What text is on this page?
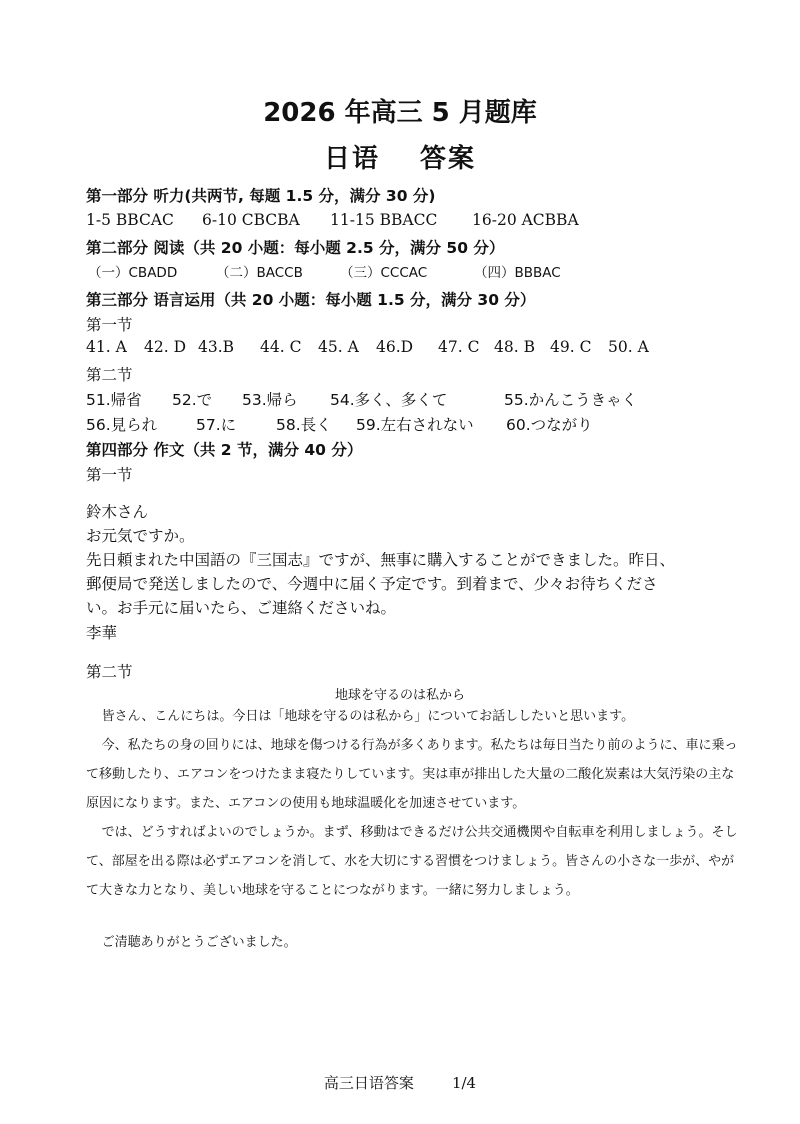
2026 年高三 5 月题库
日语 答案
第一部分 听力(共两节, 每题 1.5 分，满分 30 分)
1-5 BBCAC 6-10 CBCBA 11-15 BBACC 16-20 ACBBA
第二部分 阅读（共 20 小题：每小题 2.5 分，满分 50 分）
（一）CBADD	（二）BACCB	（三）CCCAC	（四）BBBAC
第三部分 语言运用（共 20 小题：每小题 1.5 分，满分 30 分）
第一节
41. A 42. D 43.B 44. C 45. A 46.D 47. C 48. B 49. C 50. A
第二节
51.帰省 52.で 53.帰ら 54.多く、多くて	55.かんこうきゃく
56.見られ	57.に	58.長く 59.左右されない 60.つながり
第四部分 作文（共 2 节，满分 40 分）
第一节
鈴木さん
お元気ですか。
先日頼まれた中国語の『三国志』ですが、無事に購入することができました。昨日、
郵便局で発送しましたので、今週中に届く予定です。到着まで、少々お待ちくださ
い。お手元に届いたら、ご連絡くださいね。
李華
第二节
地球を守るのは私から
皆さん、こんにちは。今日は「地球を守るのは私から」についてお話ししたいと思います。
今、私たちの身の回りには、地球を傷つける行為が多くあります。私たちは毎日当たり前のように、車に乗って移動したり、エアコンをつけたまま寝たりしています。実は車が排出した大量の二酸化炭素は大気汚染の主な原因になります。また、エアコンの使用も地球温暖化を加速させています。
では、どうすればよいのでしょうか。まず、移動はできるだけ公共交通機関や自転車を利用しましょう。そして、部屋を出る際は必ずエアコンを消して、水を大切にする習慣をつけましょう。皆さんの小さな一歩が、やがて大きな力となり、美しい地球を守ることにつながります。一緒に努力しましょう。
ご清聴ありがとうございました。
高三日语答案	1/4
